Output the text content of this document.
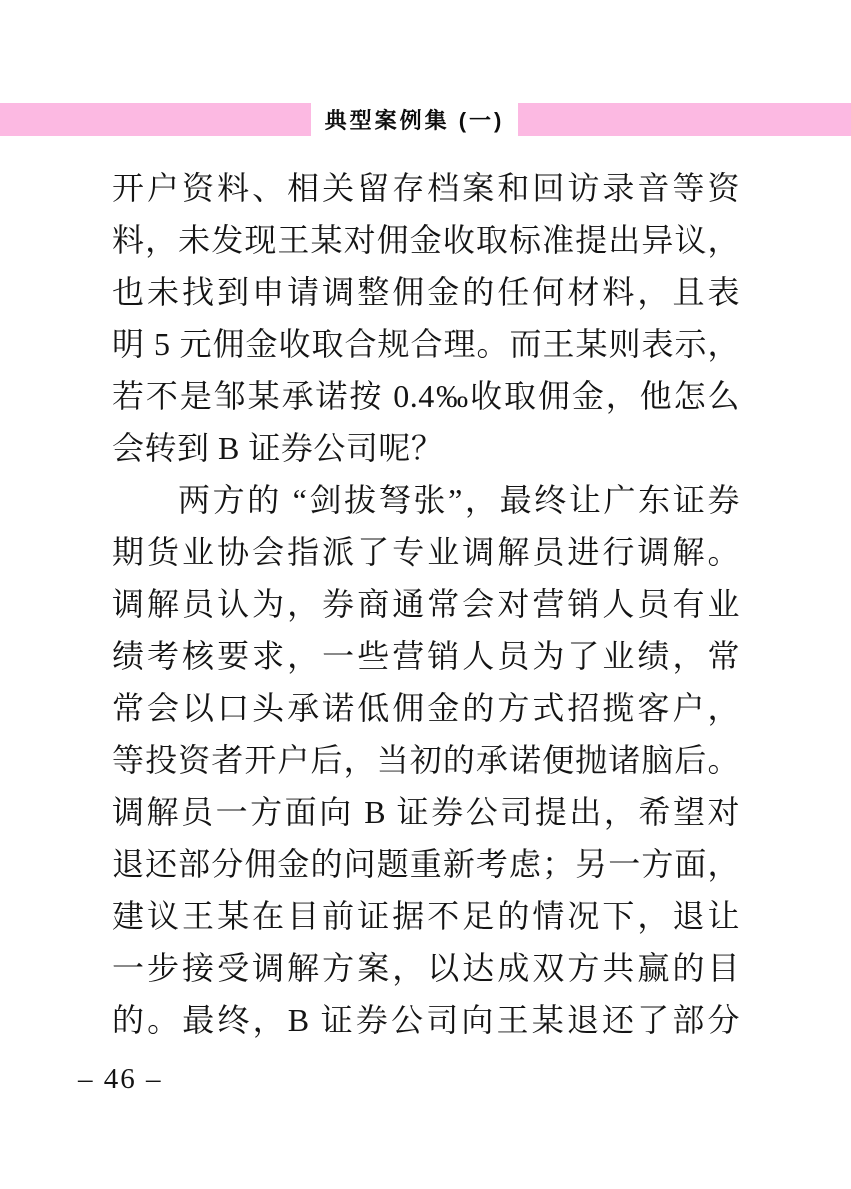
典型案例集 (一)
开户资料、相关留存档案和回访录音等资
料，未发现王某对佣金收取标准提出异议，
也未找到申请调整佣金的任何材料，且表
明 5 元佣金收取合规合理。而王某则表示，
若不是邹某承诺按 0.4‰收取佣金，他怎么
会转到 B 证券公司呢？
两方的 “剑拔弩张”，最终让广东证券
期货业协会指派了专业调解员进行调解。
调解员认为，券商通常会对营销人员有业
绩考核要求，一些营销人员为了业绩，常
常会以口头承诺低佣金的方式招揽客户，
等投资者开户后，当初的承诺便抛诸脑后。
调解员一方面向 B 证券公司提出，希望对
退还部分佣金的问题重新考虑；另一方面，
建议王某在目前证据不足的情况下，退让
一步接受调解方案，以达成双方共赢的目
的。最终，B 证券公司向王某退还了部分
– 46 –
